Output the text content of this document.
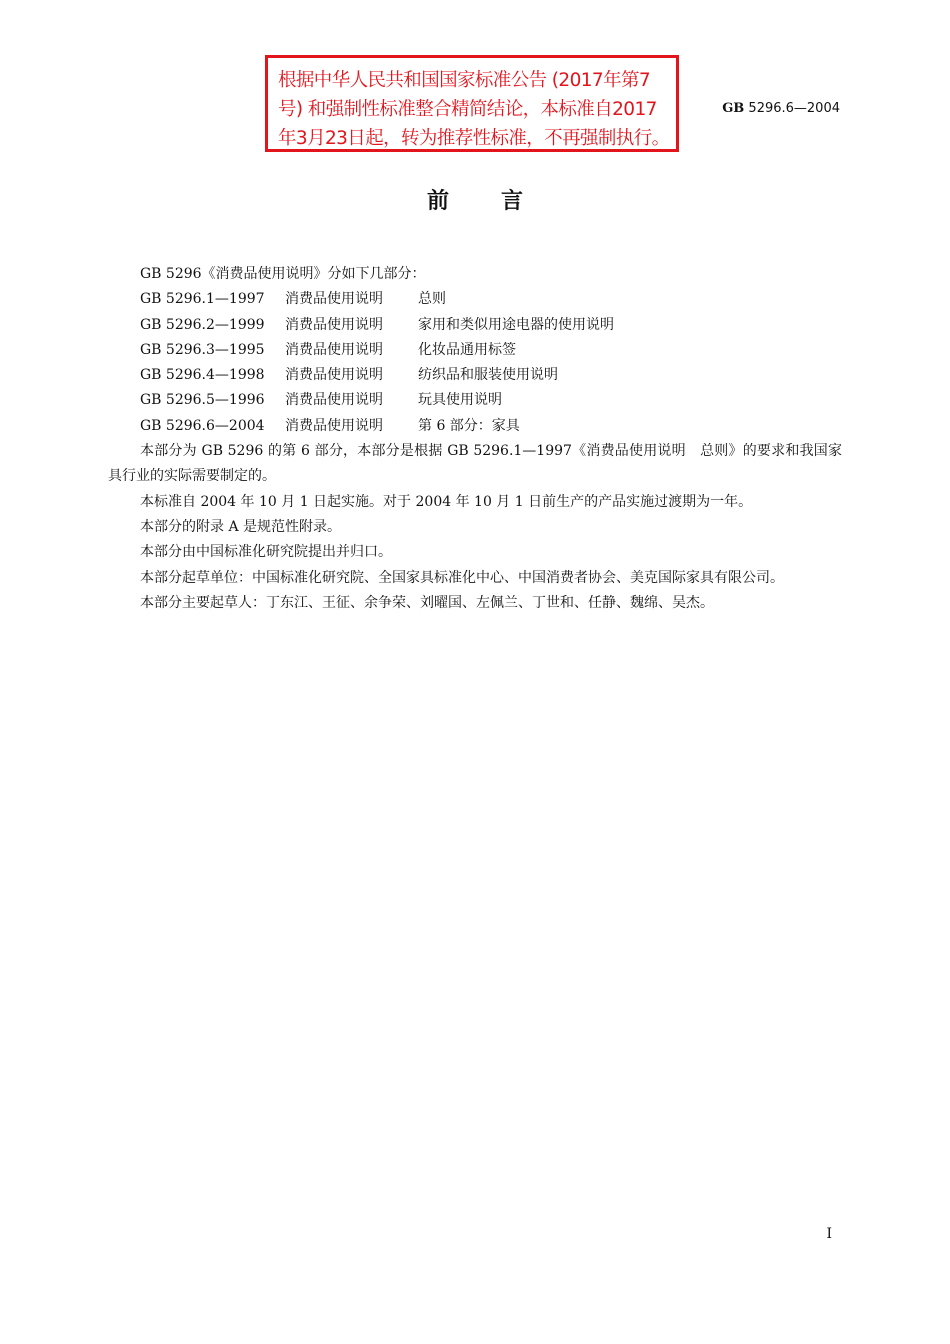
根据中华人民共和国国家标准公告 (2017年第7
号) 和强制性标准整合精简结论，本标准自2017
年3月23日起，转为推荐性标准，不再强制执行。
GB 5296.6—2004
前言

GB 5296《消费品使用说明》分如下几部分：

GB 5296.1—1997 消费品使用说明	总则
GB 5296.2—1999 消费品使用说明	家用和类似用途电器的使用说明
GB 5296.3—1995 消费品使用说明	化妆品通用标签
GB 5296.4—1998 消费品使用说明	纺织品和服装使用说明
GB 5296.5—1996 消费品使用说明	玩具使用说明
GB 5296.6—2004 消费品使用说明	第 6 部分：家具

本部分为 GB 5296 的第 6 部分，本部分是根据 GB 5296.1—1997《消费品使用说明　总则》的要求和我国家具行业的实际需要制定的。

本标准自 2004 年 10 月 1 日起实施。对于 2004 年 10 月 1 日前生产的产品实施过渡期为一年。

本部分的附录 A 是规范性附录。

本部分由中国标准化研究院提出并归口。

本部分起草单位：中国标准化研究院、全国家具标准化中心、中国消费者协会、美克国际家具有限公司。

本部分主要起草人：丁东江、王征、余争荣、刘曜国、左佩兰、丁世和、任静、魏绵、吴杰。

I
